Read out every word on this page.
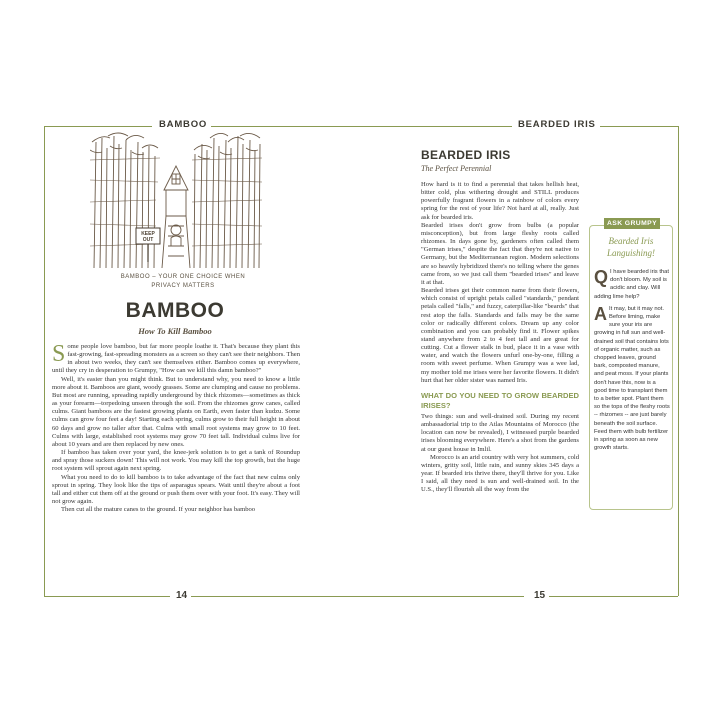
BAMBOO	BEARDED IRIS
14	15
KEEP
OUT
BAMBOO – YOUR ONE CHOICE WHEN PRIVACY MATTERS
BAMBOO
How To Kill Bamboo

Some people love bamboo, but far more people loathe it. That's because they plant this fast-growing, fast-spreading monsters as a screen so they can't see their neighbors. Then in about two weeks, they can't see themselves either. Bamboo comes up everywhere, until they cry in desperation to Grumpy, "How can we kill this damn bamboo?"

Well, it's easier than you might think. But to understand why, you need to know a little more about it. Bamboos are giant, woody grasses. Some are clumping and cause no problems. But most are running, spreading rapidly underground by thick rhizomes—sometimes as thick as your forearm—torpedoing unseen through the soil. From the rhizomes grow canes, called culms. Giant bamboos are the fastest growing plants on Earth, even faster than kudzu. Some culms can grow four feet a day! Starting each spring, culms grow to their full height in about 60 days and grow no taller after that. Culms with small root systems may grow to 10 feet. Culms with large, established root systems may grow 70 feet tall. Individual culms live for about 10 years and are then replaced by new ones.

If bamboo has taken over your yard, the knee-jerk solution is to get a tank of Roundup and spray those suckers down! This will not work. You may kill the top growth, but the huge root system will sprout again next spring.

What you need to do to kill bamboo is to take advantage of the fact that new culms only sprout in spring. They look like the tips of asparagus spears. Wait until they're about a foot tall and either cut them off at the ground or push them over with your foot. It's easy. They will not grow again.

Then cut all the mature canes to the ground. If your neighbor has bamboo

BEARDED IRIS
The Perfect Perennial

How hard is it to find a perennial that takes hellish heat, bitter cold, plus withering drought and STILL produces powerfully fragrant flowers in a rainbow of colors every spring for the rest of your life? Not hard at all, really. Just ask for bearded iris.

Bearded irises don't grow from bulbs (a popular misconception), but from large fleshy roots called rhizomes. In days gone by, gardeners often called them "German irises," despite the fact that they're not native to Germany, but the Mediterranean region. Modern selections are so heavily hybridized there's no telling where the genes came from, so we just call them "bearded irises" and leave it at that.

Bearded irises get their common name from their flowers, which consist of upright petals called "standards," pendant petals called "falls," and fuzzy, caterpillar-like "beards" that rest atop the falls. Standards and falls may be the same color or radically different colors. Dream up any color combination and you can probably find it. Flower spikes stand anywhere from 2 to 4 feet tall and are great for cutting. Cut a flower stalk in bud, place it in a vase with water, and watch the flowers unfurl one-by-one, filling a room with sweet perfume. When Grumpy was a wee lad, my mother told me irises were her favorite flowers. It didn't hurt that her older sister was named Iris.

WHAT DO YOU NEED TO GROW BEARDED IRISES?

Two things: sun and well-drained soil. During my recent ambassadorial trip to the Atlas Mountains of Morocco (the location can now be revealed), I witnessed purple bearded irises blooming everywhere. Here's a shot from the gardens at our guest house in Imlil.

Morocco is an arid country with very hot summers, cold winters, gritty soil, little rain, and sunny skies 345 days a year. If bearded iris thrive there, they'll thrive for you. Like I said, all they need is sun and well-drained soil. In the U.S., they'll flourish all the way from the

ASK GRUMPY
Bearded Iris Languishing!

Q I have bearded iris that don't bloom. My soil is acidic and clay. Will adding lime help?

A It may, but it may not. Before liming, make sure your iris are growing in full sun and well-drained soil that contains lots of organic matter, such as chopped leaves, ground bark, composted manure, and peat moss. If your plants don't have this, now is a good time to transplant them to a better spot. Plant them so the tops of the fleshy roots -- rhizomes -- are just barely beneath the soil surface. Feed them with bulb fertilizer in spring as soon as new growth starts.
